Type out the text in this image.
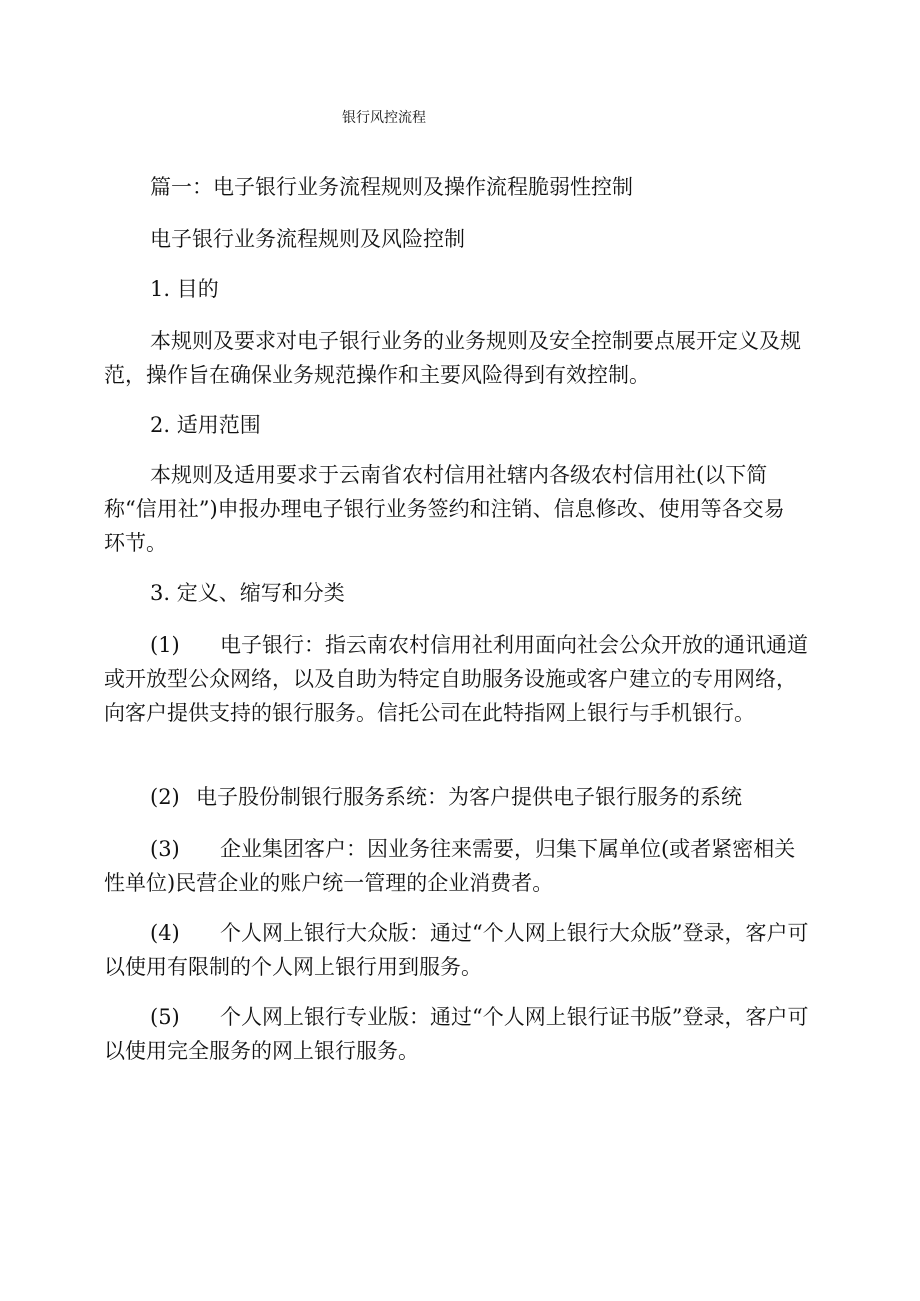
银行风控流程

篇一：电子银行业务流程规则及操作流程脆弱性控制

电子银行业务流程规则及风险控制

1. 目的

本规则及要求对电子银行业务的业务规则及安全控制要点展开定义及规范，操作旨在确保业务规范操作和主要风险得到有效控制。

2. 适用范围

本规则及适用要求于云南省农村信用社辖内各级农村信用社(以下简称“信用社”)申报办理电子银行业务签约和注销、信息修改、使用等各交易环节。

3. 定义、缩写和分类

(1) 电子银行：指云南农村信用社利用面向社会公众开放的通讯通道或开放型公众网络，以及自助为特定自助服务设施或客户建立的专用网络，向客户提供支持的银行服务。信托公司在此特指网上银行与手机银行。

(2) 电子股份制银行服务系统：为客户提供电子银行服务的系统

(3) 企业集团客户：因业务往来需要，归集下属单位(或者紧密相关性单位)民营企业的账户统一管理的企业消费者。

(4) 个人网上银行大众版：通过“个人网上银行大众版”登录，客户可以使用有限制的个人网上银行用到服务。

(5) 个人网上银行专业版：通过“个人网上银行证书版”登录，客户可以使用完全服务的网上银行服务。
